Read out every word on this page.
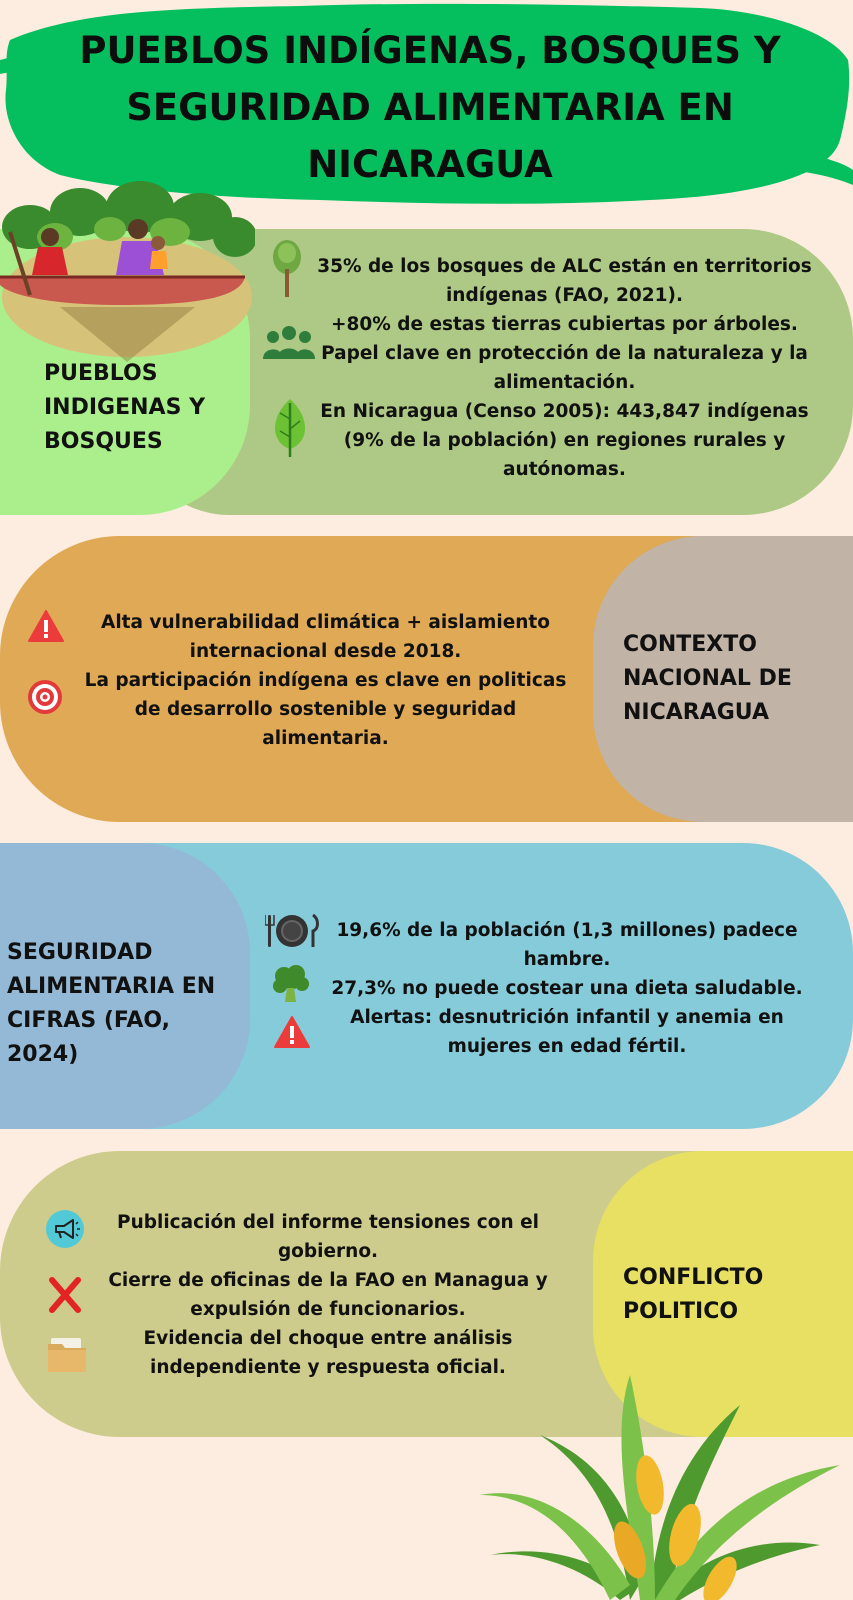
PUEBLOS INDÍGENAS, BOSQUES Y SEGURIDAD ALIMENTARIA EN NICARAGUA
PUEBLOS INDIGENAS Y BOSQUES

35% de los bosques de ALC están en territorios indígenas (FAO, 2021).

+80% de estas tierras cubiertas por árboles.

Papel clave en protección de la naturaleza y la alimentación.

En Nicaragua (Censo 2005): 443,847 indígenas (9% de la población) en regiones rurales y autónomas.

CONTEXTO NACIONAL DE NICARAGUA

Alta vulnerabilidad climática + aislamiento internacional desde 2018.

La participación indígena es clave en politicas de desarrollo sostenible y seguridad alimentaria.

SEGURIDAD ALIMENTARIA EN CIFRAS (FAO, 2024)

19,6% de la población (1,3 millones) padece hambre.

27,3% no puede costear una dieta saludable.

Alertas: desnutrición infantil y anemia en mujeres en edad fértil.

CONFLICTO POLITICO

Publicación del informe tensiones con el gobierno.

Cierre de oficinas de la FAO en Managua y expulsión de funcionarios.

Evidencia del choque entre análisis independiente y respuesta oficial.
